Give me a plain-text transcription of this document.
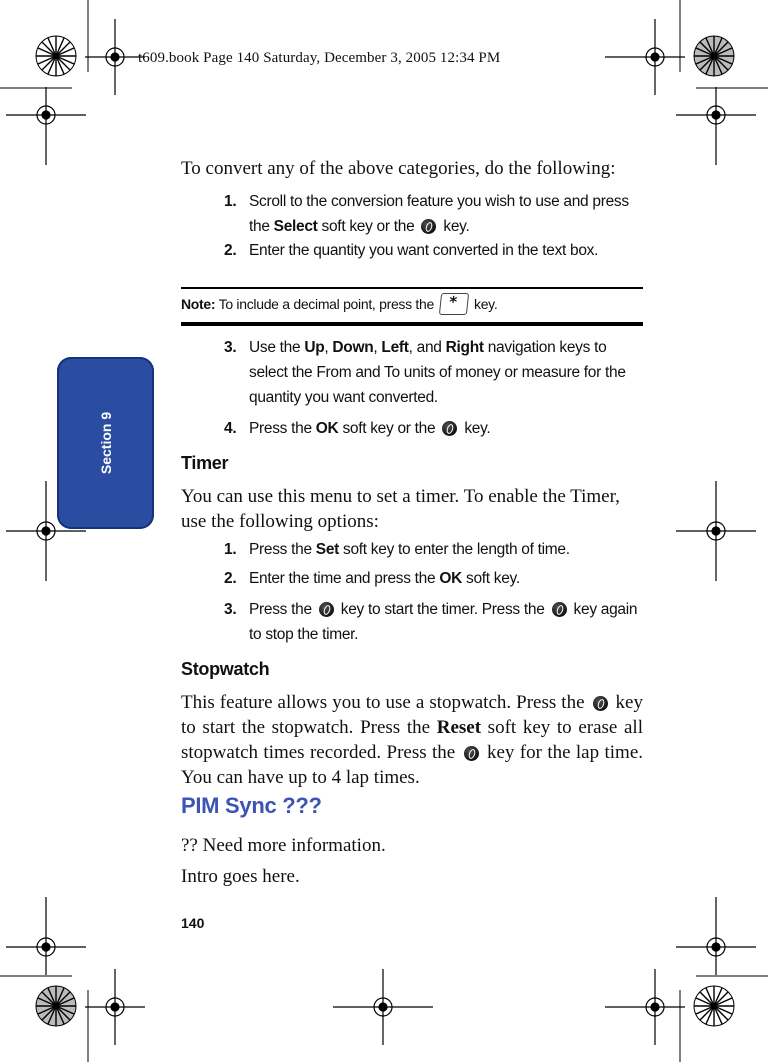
t609.book Page 140 Saturday, December 3, 2005 12:34 PM
Section 9
To convert any of the above categories, do the following:
1. Scroll to the conversion feature you wish to use and press the Select soft key or the  key.
2. Enter the quantity you want converted in the text box.
Note: To include a decimal point, press the*	key.
3. Use the Up, Down, Left, and Right navigation keys to select the From and To units of money or measure for the quantity you want converted.
4. Press the OK soft key or the  key.
Timer
You can use this menu to set a timer. To enable the Timer, use the following options:
1. Press the Set soft key to enter the length of time.
2. Enter the time and press the OK soft key.
3. Press the  key to start the timer. Press the  key again to stop the timer.
Stopwatch
This feature allows you to use a stopwatch. Press the  key to start the stopwatch. Press the Reset soft key to erase all stopwatch times recorded. Press the  key for the lap time. You can have up to 4 lap times.
PIM Sync ???
?? Need more information.
Intro goes here.
140
